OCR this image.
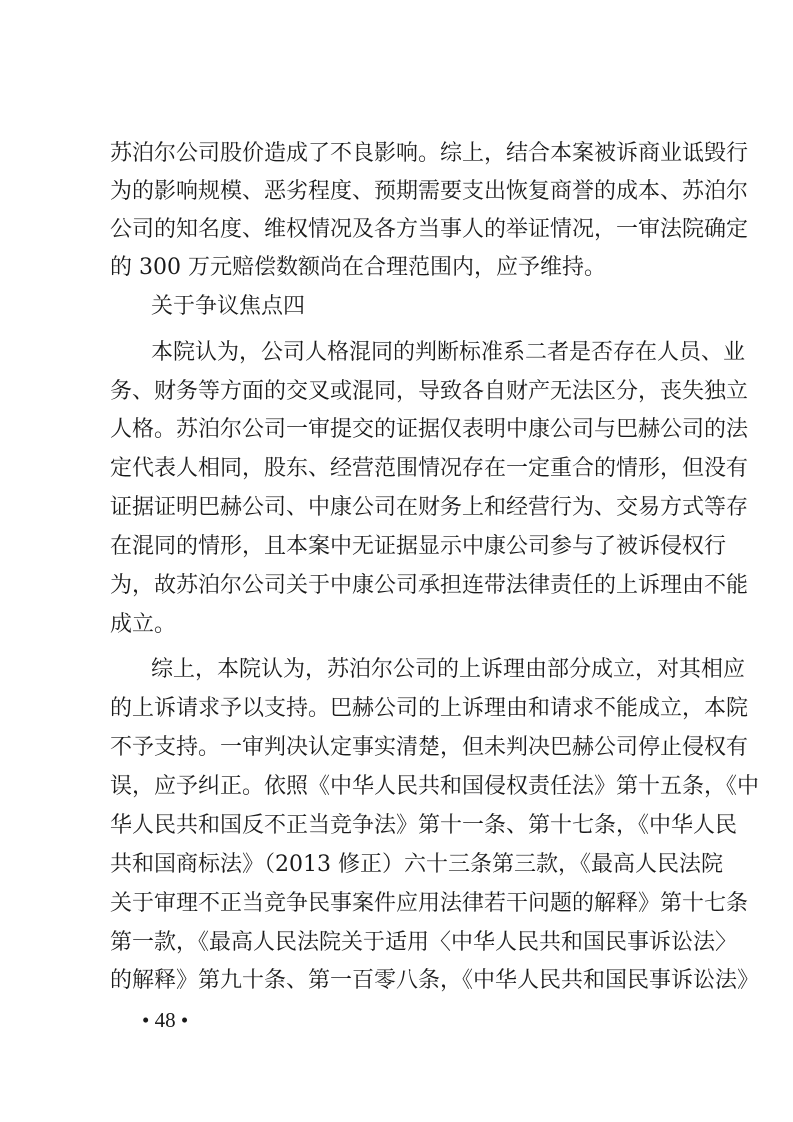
苏泊尔公司股价造成了不良影响。综上，结合本案被诉商业诋毁行
为的影响规模、恶劣程度、预期需要支出恢复商誉的成本、苏泊尔
公司的知名度、维权情况及各方当事人的举证情况，一审法院确定
的 300 万元赔偿数额尚在合理范围内，应予维持。
关于争议焦点四
本院认为，公司人格混同的判断标准系二者是否存在人员、业
务、财务等方面的交叉或混同，导致各自财产无法区分，丧失独立
人格。苏泊尔公司一审提交的证据仅表明中康公司与巴赫公司的法
定代表人相同，股东、经营范围情况存在一定重合的情形，但没有
证据证明巴赫公司、中康公司在财务上和经营行为、交易方式等存
在混同的情形，且本案中无证据显示中康公司参与了被诉侵权行
为，故苏泊尔公司关于中康公司承担连带法律责任的上诉理由不能
成立。
综上，本院认为，苏泊尔公司的上诉理由部分成立，对其相应
的上诉请求予以支持。巴赫公司的上诉理由和请求不能成立，本院
不予支持。一审判决认定事实清楚，但未判决巴赫公司停止侵权有
误，应予纠正。依照《中华人民共和国侵权责任法》第十五条，《中
华人民共和国反不正当竞争法》第十一条、第十七条，《中华人民
共和国商标法》（2013 修正）六十三条第三款，《最高人民法院
关于审理不正当竞争民事案件应用法律若干问题的解释》第十七条
第一款，《最高人民法院关于适用〈中华人民共和国民事诉讼法〉
的解释》第九十条、第一百零八条，《中华人民共和国民事诉讼法》
• 48 •
